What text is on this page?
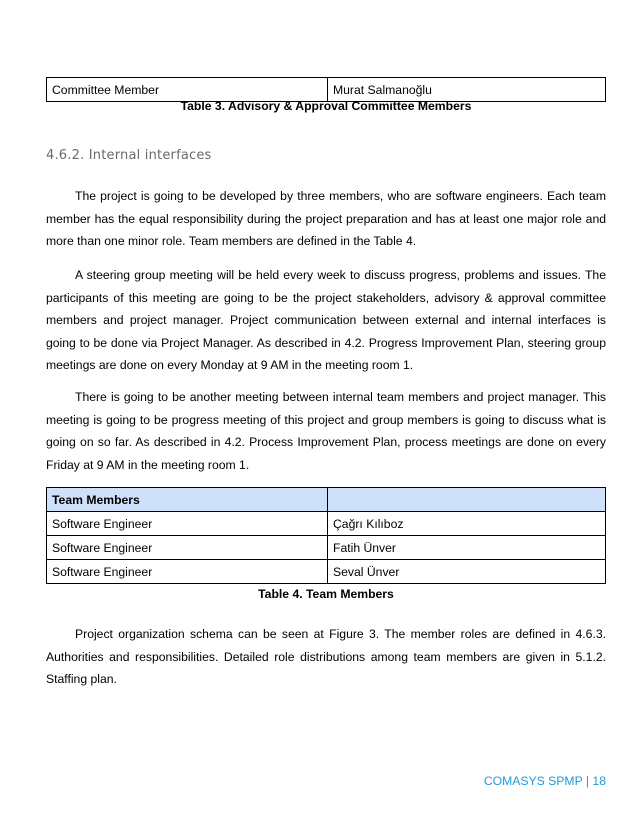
Committee Member	Murat Salmanoğlu
Table 3. Advisory & Approval Committee Members
4.6.2. Internal interfaces

The project is going to be developed by three members, who are software engineers. Each team member has the equal responsibility during the project preparation and has at least one major role and more than one minor role. Team members are defined in the Table 4.

A steering group meeting will be held every week to discuss progress, problems and issues. The participants of this meeting are going to be the project stakeholders, advisory & approval committee members and project manager. Project communication between external and internal interfaces is going to be done via Project Manager. As described in 4.2. Progress Improvement Plan, steering group meetings are done on every Monday at 9 AM in the meeting room 1.

There is going to be another meeting between internal team members and project manager. This meeting is going to be progress meeting of this project and group members is going to discuss what is going on so far. As described in 4.2. Process Improvement Plan, process meetings are done on every Friday at 9 AM in the meeting room 1.

Team Members	
Software Engineer	Çağrı Kılıboz
Software Engineer	Fatih Ünver
Software Engineer	Seval Ünver
Table 4. Team Members

Project organization schema can be seen at Figure 3. The member roles are defined in 4.6.3. Authorities and responsibilities. Detailed role distributions among team members are given in 5.1.2. Staffing plan.

COMASYS SPMP | 18
